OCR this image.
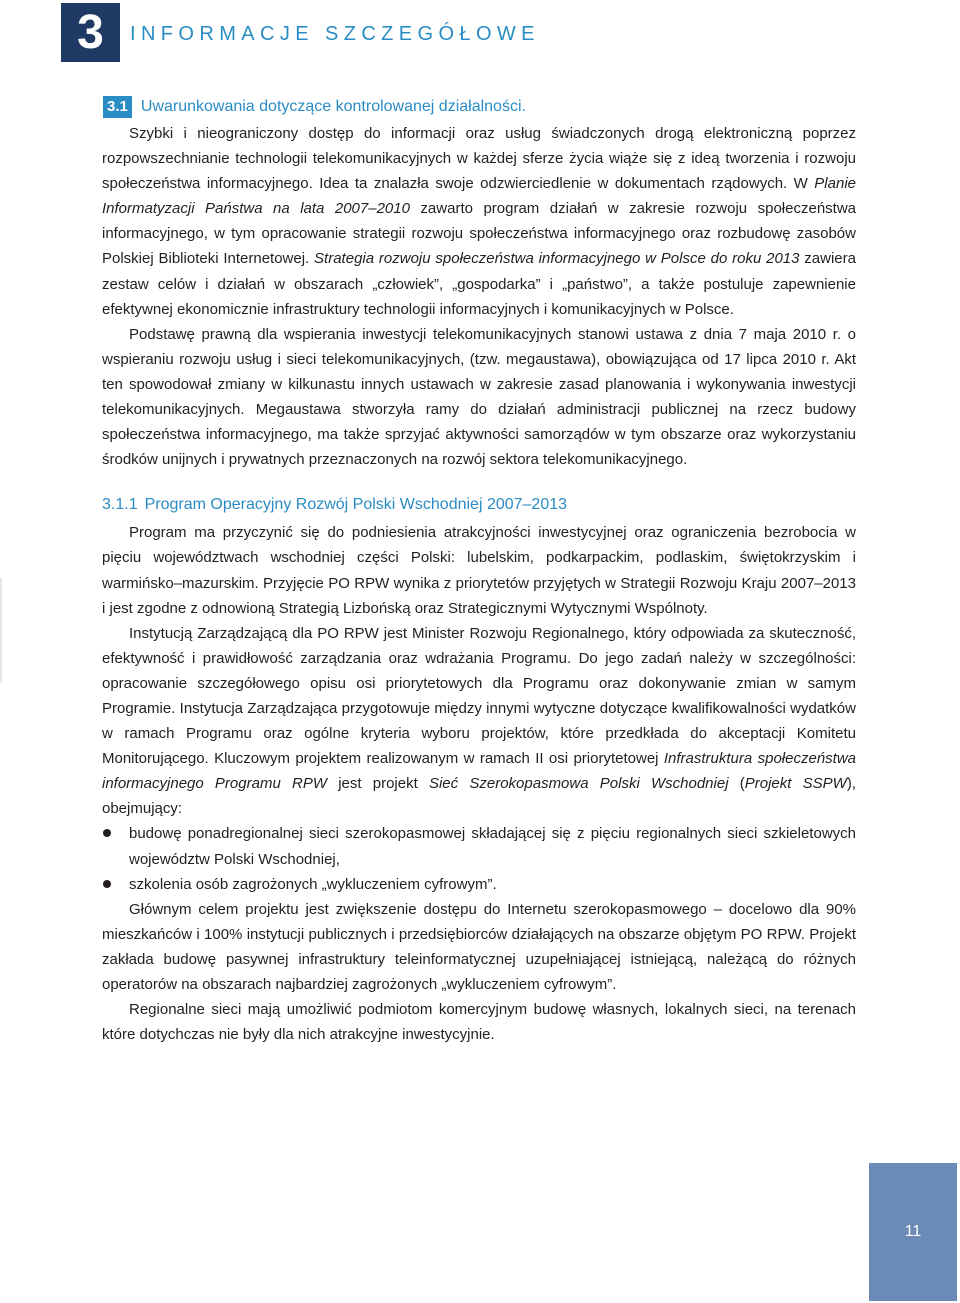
3	INFORMACJE SZCZEGÓŁOWE
3.1 Uwarunkowania dotyczące kontrolowanej działalności.

Szybki i nieograniczony dostęp do informacji oraz usług świadczonych drogą elektroniczną poprzez rozpowszechnianie technologii telekomunikacyjnych w każdej sferze życia wiąże się z ideą tworzenia i rozwoju społeczeństwa informacyjnego. Idea ta znalazła swoje odzwierciedlenie w dokumentach rządowych. W Planie Informatyzacji Państwa na lata 2007–2010 zawarto program działań w zakresie rozwoju społeczeństwa informacyjnego, w tym opracowanie strategii rozwoju społeczeństwa informacyjnego oraz rozbudowę zasobów Polskiej Biblioteki Internetowej. Strategia rozwoju społeczeństwa informacyjnego w Polsce do roku 2013 zawiera zestaw celów i działań w obszarach „człowiek”, „gospodarka” i „państwo”, a także postuluje zapewnienie efektywnej ekonomicznie infrastruktury technologii informacyjnych i komunikacyjnych w Polsce.

Podstawę prawną dla wspierania inwestycji telekomunikacyjnych stanowi ustawa z dnia 7 maja 2010 r. o wspieraniu rozwoju usług i sieci telekomunikacyjnych, (tzw. megaustawa), obowiązująca od 17 lipca 2010 r. Akt ten spowodował zmiany w kilkunastu innych ustawach w zakresie zasad planowania i wykonywania inwestycji telekomunikacyjnych. Megaustawa stworzyła ramy do działań administracji publicznej na rzecz budowy społeczeństwa informacyjnego, ma także sprzyjać aktywności samorządów w tym obszarze oraz wykorzystaniu środków unijnych i prywatnych przeznaczonych na rozwój sektora telekomunikacyjnego.

3.1.1 Program Operacyjny Rozwój Polski Wschodniej 2007–2013

Program ma przyczynić się do podniesienia atrakcyjności inwestycyjnej oraz ograniczenia bezrobocia w pięciu województwach wschodniej części Polski: lubelskim, podkarpackim, podlaskim, świętokrzyskim i warmińsko–mazurskim. Przyjęcie PO RPW wynika z priorytetów przyjętych w Strategii Rozwoju Kraju 2007–2013 i jest zgodne z odnowioną Strategią Lizbońską oraz Strategicznymi Wytycznymi Wspólnoty.

Instytucją Zarządzającą dla PO RPW jest Minister Rozwoju Regionalnego, który odpowiada za skuteczność, efektywność i prawidłowość zarządzania oraz wdrażania Programu. Do jego zadań należy w szczególności: opracowanie szczegółowego opisu osi priorytetowych dla Programu oraz dokonywanie zmian w samym Programie. Instytucja Zarządzająca przygotowuje między innymi wytyczne dotyczące kwalifikowalności wydatków w ramach Programu oraz ogólne kryteria wyboru projektów, które przedkłada do akceptacji Komitetu Monitorującego. Kluczowym projektem realizowanym w ramach II osi priorytetowej Infrastruktura społeczeństwa informacyjnego Programu RPW jest projekt Sieć Szerokopasmowa Polski Wschodniej (Projekt SSPW), obejmujący:

budowę ponadregionalnej sieci szerokopasmowej składającej się z pięciu regionalnych sieci szkieletowych województw Polski Wschodniej,
szkolenia osób zagrożonych „wykluczeniem cyfrowym”.

Głównym celem projektu jest zwiększenie dostępu do Internetu szerokopasmowego – docelowo dla 90% mieszkańców i 100% instytucji publicznych i przedsiębiorców działających na obszarze objętym PO RPW. Projekt zakłada budowę pasywnej infrastruktury teleinformatycznej uzupełniającej istniejącą, należącą do różnych operatorów na obszarach najbardziej zagrożonych „wykluczeniem cyfrowym”.

Regionalne sieci mają umożliwić podmiotom komercyjnym budowę własnych, lokalnych sieci, na terenach które dotychczas nie były dla nich atrakcyjne inwestycyjnie.

11
